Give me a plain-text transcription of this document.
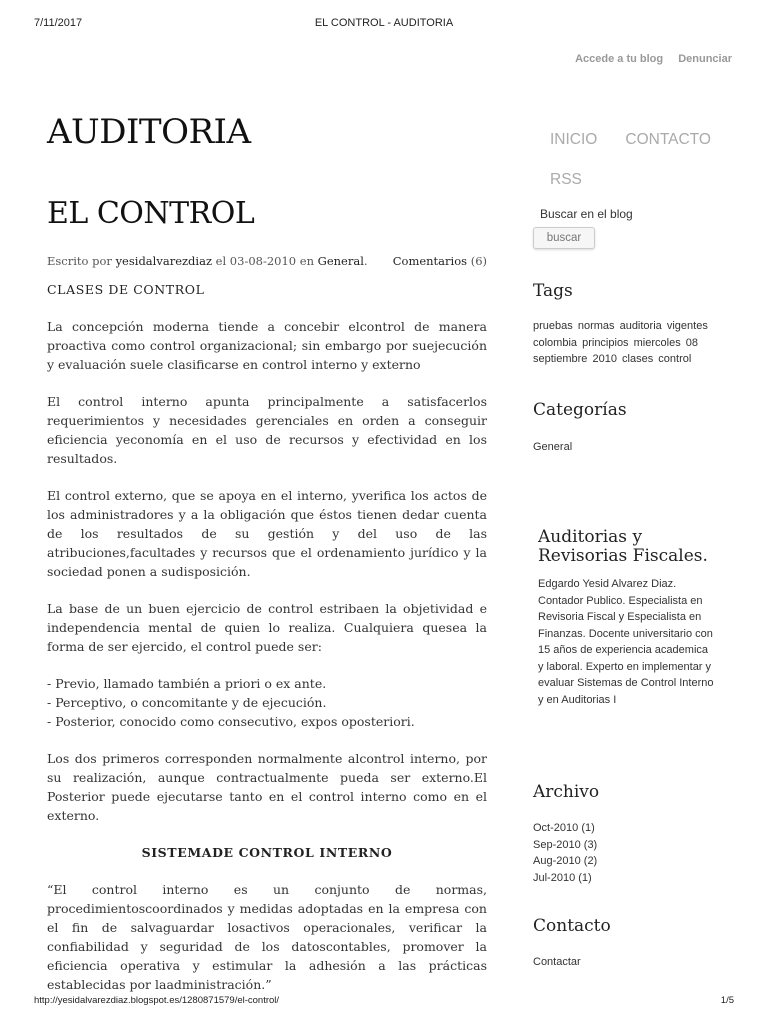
7/11/2017	EL CONTROL - AUDITORIA
Accede a tu blog Denunciar
AUDITORIA	INICIO CONTACTO
RSS
Buscar en el blog
buscar
EL CONTROL
Escrito por yesidalvarezdiaz el 03-08-2010 en General. Comentarios (6)
CLASES DE CONTROL

La concepción moderna tiende a concebir elcontrol de manera proactiva como control organizacional; sin embargo por suejecución y evaluación suele clasificarse en control interno y externo

El control interno apunta principalmente a satisfacerlos requerimientos y necesidades gerenciales en orden a conseguir eficiencia yeconomía en el uso de recursos y efectividad en los resultados.

El control externo, que se apoya en el interno, yverifica los actos de los administradores y a la obligación que éstos tienen dedar cuenta de los resultados de su gestión y del uso de las atribuciones,facultades y recursos que el ordenamiento jurídico y la sociedad ponen a sudisposición.

La base de un buen ejercicio de control estribaen la objetividad e independencia mental de quien lo realiza. Cualquiera quesea la forma de ser ejercido, el control puede ser:

- Previo, llamado también a priori o ex ante.
- Perceptivo, o concomitante y de ejecución.
- Posterior, conocido como consecutivo, expos oposteriori.

Los dos primeros corresponden normalmente alcontrol interno, por su realización, aunque contractualmente pueda ser externo.El Posterior puede ejecutarse tanto en el control interno como en el externo.

SISTEMADE CONTROL INTERNO

“El control interno es un conjunto de normas, procedimientoscoordinados y medidas adoptadas en la empresa con el fin de salvaguardar losactivos operacionales, verificar la confiabilidad y seguridad de los datoscontables, promover la eficiencia operativa y estimular la adhesión a las prácticas establecidas por laadministración.”

Tags
pruebas normas auditoria vigentes colombia principios miercoles 08 septiembre 2010 clases control
Categorías
General
Auditorias y Revisorias Fiscales.
Edgardo Yesid Alvarez Diaz. Contador Publico. Especialista en Revisoria Fiscal y Especialista en Finanzas. Docente universitario con 15 años de experiencia academica y laboral. Experto en implementar y evaluar Sistemas de Control Interno y en Auditorias I
Archivo
Oct-2010 (1)
Sep-2010 (3)
Aug-2010 (2)
Jul-2010 (1)
Contacto
Contactar
http://yesidalvarezdiaz.blogspot.es/1280871579/el-control/	1/5
